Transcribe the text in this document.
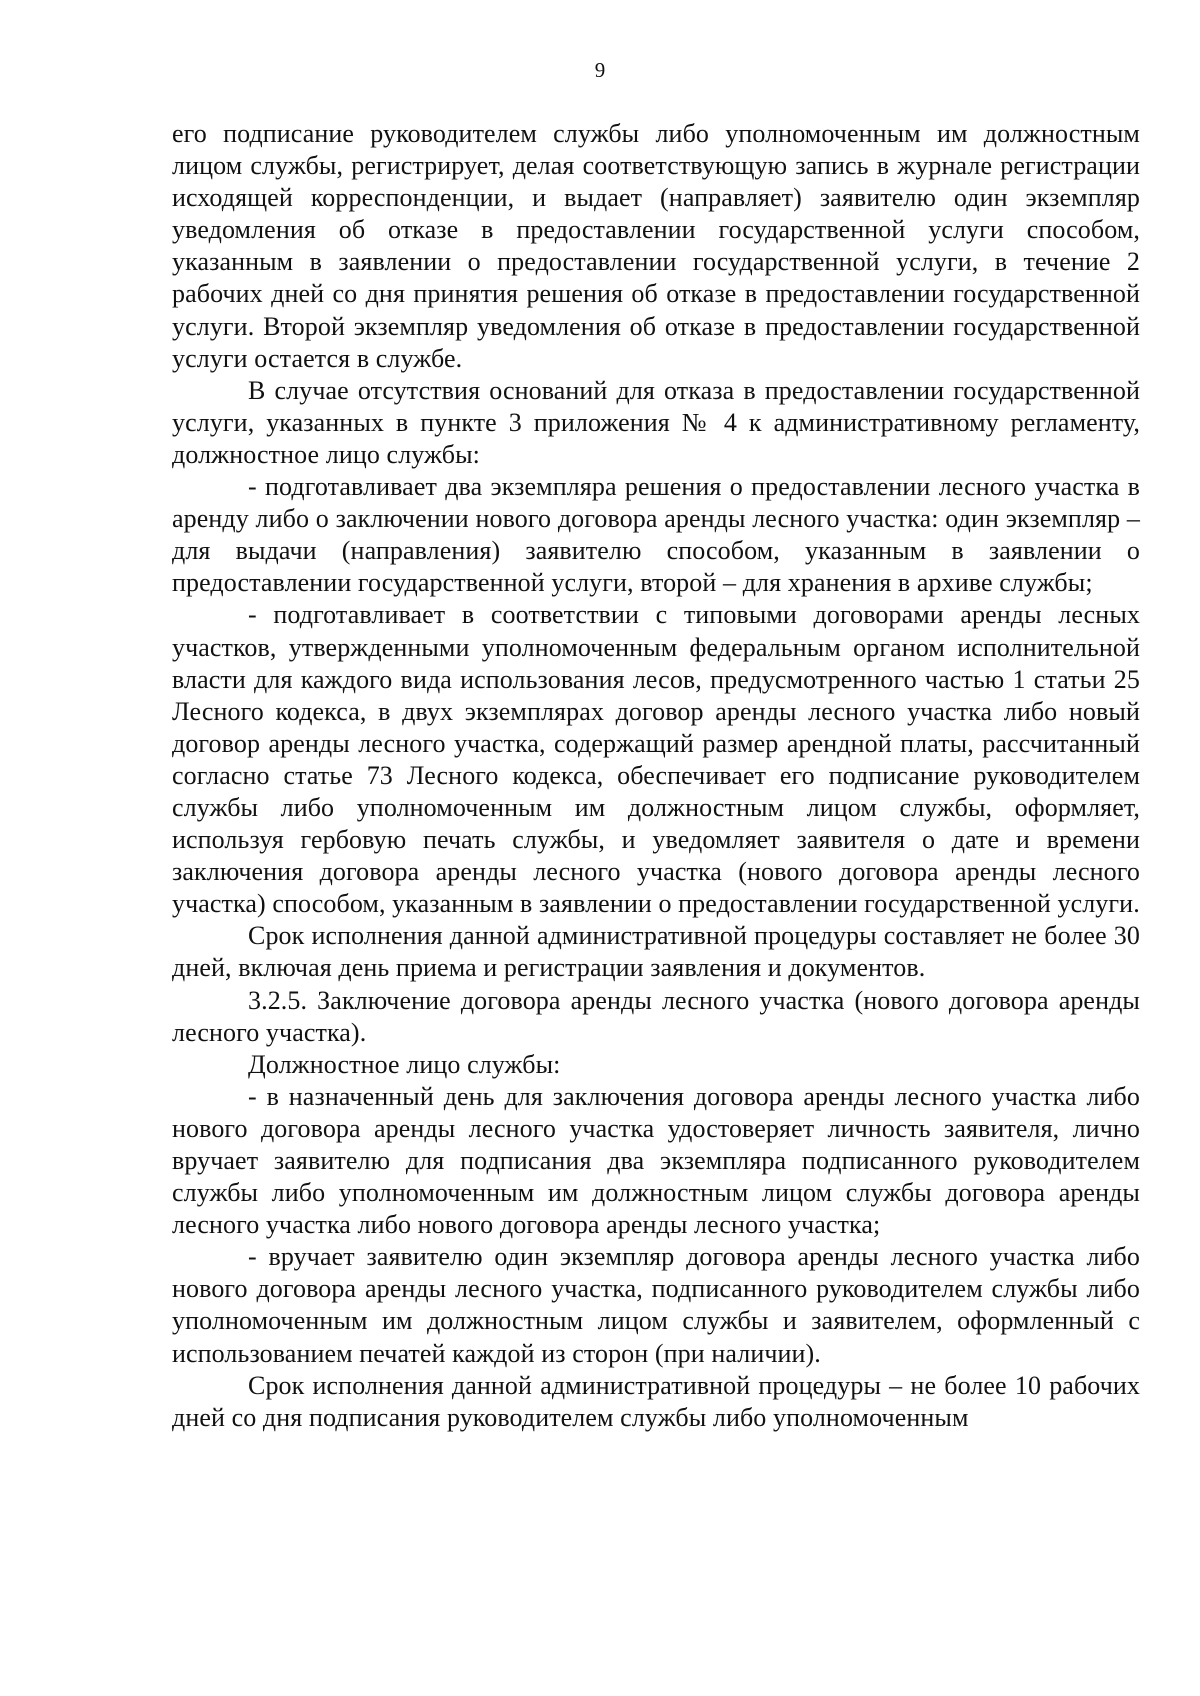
9

его подписание руководителем службы либо уполномоченным им должностным лицом службы, регистрирует, делая соответствующую запись в журнале регистрации исходящей корреспонденции, и выдает (направляет) заявителю один экземпляр уведомления об отказе в предоставлении государственной услуги способом, указанным в заявлении о предоставлении государственной услуги, в течение 2 рабочих дней со дня принятия решения об отказе в предоставлении государственной услуги. Второй экземпляр уведомления об отказе в предоставлении государственной услуги остается в службе.

В случае отсутствия оснований для отказа в предоставлении государственной услуги, указанных в пункте 3 приложения № 4 к административному регламенту, должностное лицо службы:

- подготавливает два экземпляра решения о предоставлении лесного участка в аренду либо о заключении нового договора аренды лесного участка: один экземпляр – для выдачи (направления) заявителю способом, указанным в заявлении о предоставлении государственной услуги, второй – для хранения в архиве службы;

- подготавливает в соответствии с типовыми договорами аренды лесных участков, утвержденными уполномоченным федеральным органом исполнительной власти для каждого вида использования лесов, предусмотренного частью 1 статьи 25 Лесного кодекса, в двух экземплярах договор аренды лесного участка либо новый договор аренды лесного участка, содержащий размер арендной платы, рассчитанный согласно статье 73 Лесного кодекса, обеспечивает его подписание руководителем службы либо уполномоченным им должностным лицом службы, оформляет, используя гербовую печать службы, и уведомляет заявителя о дате и времени заключения договора аренды лесного участка (нового договора аренды лесного участка) способом, указанным в заявлении о предоставлении государственной услуги.

Срок исполнения данной административной процедуры составляет не более 30 дней, включая день приема и регистрации заявления и документов.

3.2.5. Заключение договора аренды лесного участка (нового договора аренды лесного участка).

Должностное лицо службы:

- в назначенный день для заключения договора аренды лесного участка либо нового договора аренды лесного участка удостоверяет личность заявителя, лично вручает заявителю для подписания два экземпляра подписанного руководителем службы либо уполномоченным им должностным лицом службы договора аренды лесного участка либо нового договора аренды лесного участка;

- вручает заявителю один экземпляр договора аренды лесного участка либо нового договора аренды лесного участка, подписанного руководителем службы либо уполномоченным им должностным лицом службы и заявителем, оформленный с использованием печатей каждой из сторон (при наличии).

Срок исполнения данной административной процедуры – не более 10 рабочих дней со дня подписания руководителем службы либо уполномоченным
